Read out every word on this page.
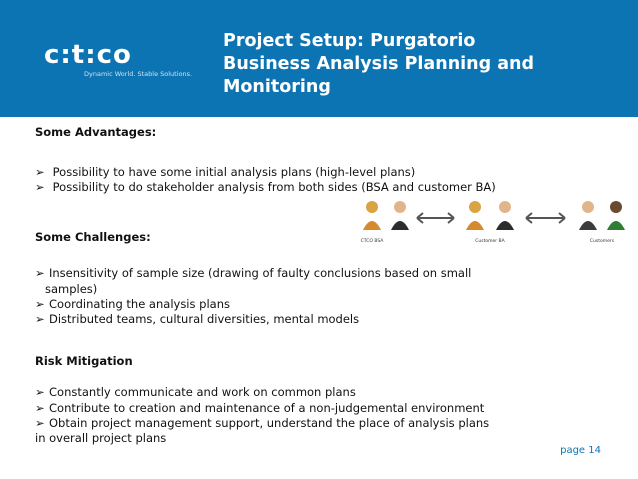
c:t:co
Dynamic World. Stable Solutions.
Project Setup: Purgatorio
Business Analysis Planning and
Monitoring
Some Advantages:
➢ Possibility to have some initial analysis plans (high-level plans)
➢ Possibility to do stakeholder analysis from both sides (BSA and customer BA)
CTCO BSA	Customer BA	Customers
Some Challenges:
➢ Insensitivity of sample size (drawing of faulty conclusions based on small
samples)
➢ Coordinating the analysis plans
➢ Distributed teams, cultural diversities, mental models
Risk Mitigation
➢ Constantly communicate and work on common plans
➢ Contribute to creation and maintenance of a non-judgemental environment
➢ Obtain project management support, understand the place of analysis plans
in overall project plans
page 14
